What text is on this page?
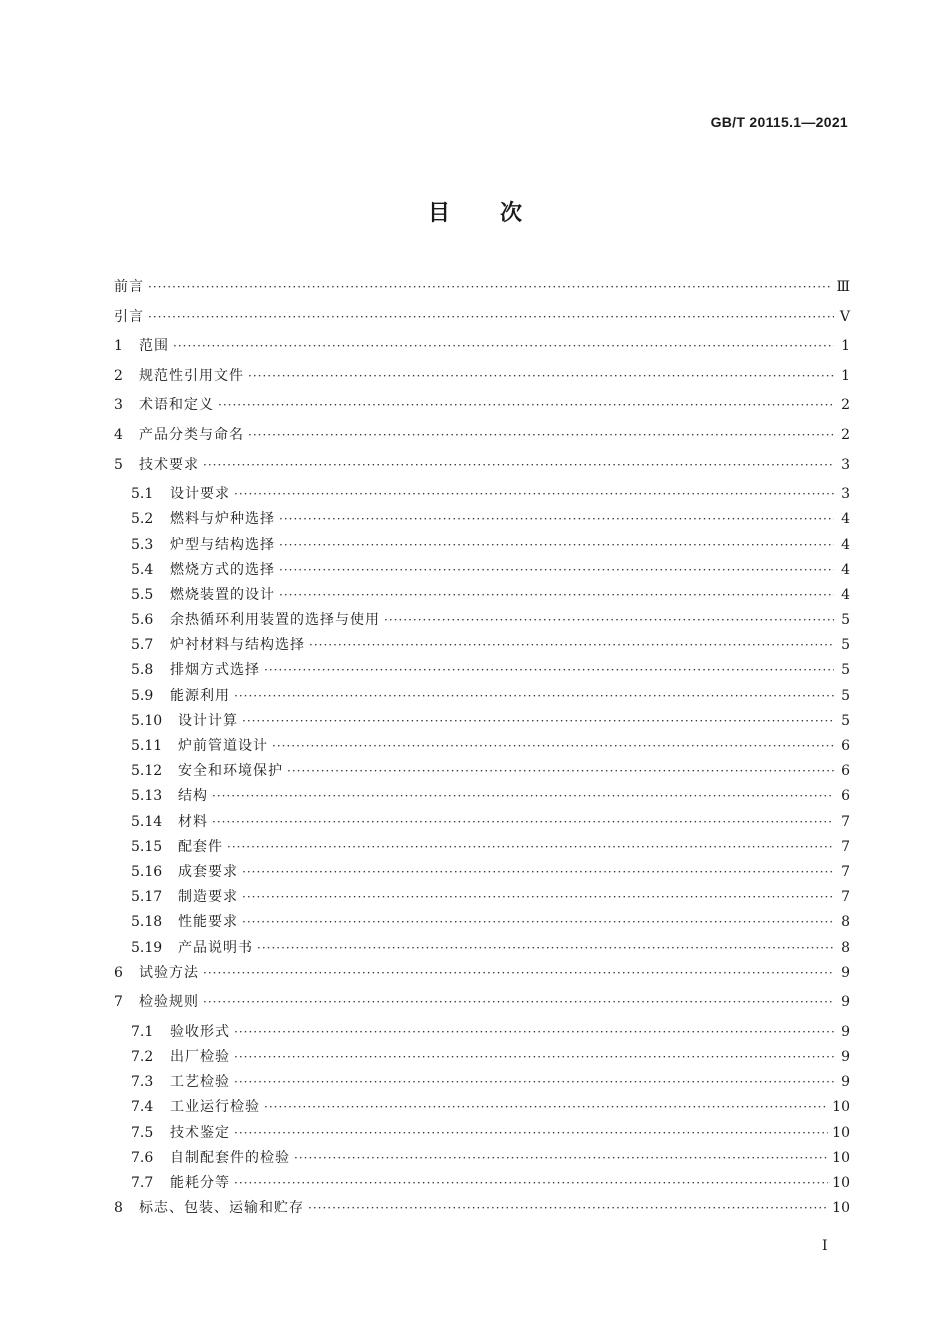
GB/T 20115.1—2021
目 次
前言 ·····	Ⅲ
引言 ·····	Ⅴ
1	范围 ·····	1
2	规范性引用文件 ·····	1
3	术语和定义 ·····	2
4	产品分类与命名 ·····	2
5	技术要求 ·····	3
5.1	设计要求 ·····	3
5.2	燃料与炉种选择 ·····	4
5.3	炉型与结构选择 ·····	4
5.4	燃烧方式的选择 ·····	4
5.5	燃烧装置的设计 ·····	4
5.6	余热循环利用装置的选择与使用 ·····	5
5.7	炉衬材料与结构选择 ·····	5
5.8	排烟方式选择 ·····	5
5.9	能源利用 ·····	5
5.10	设计计算 ·····	5
5.11	炉前管道设计 ·····	6
5.12	安全和环境保护 ·····	6
5.13	结构 ·····	6
5.14	材料 ·····	7
5.15	配套件 ·····	7
5.16	成套要求 ·····	7
5.17	制造要求 ·····	7
5.18	性能要求 ·····	8
5.19	产品说明书 ·····	8
6	试验方法 ·····	9
7	检验规则 ·····	9
7.1	验收形式 ·····	9
7.2	出厂检验 ·····	9
7.3	工艺检验 ·····	9
7.4	工业运行检验 ·····	10
7.5	技术鉴定 ·····	10
7.6	自制配套件的检验 ·····	10
7.7	能耗分等 ·····	10
8	标志、包装、运输和贮存 ·····	10
I
